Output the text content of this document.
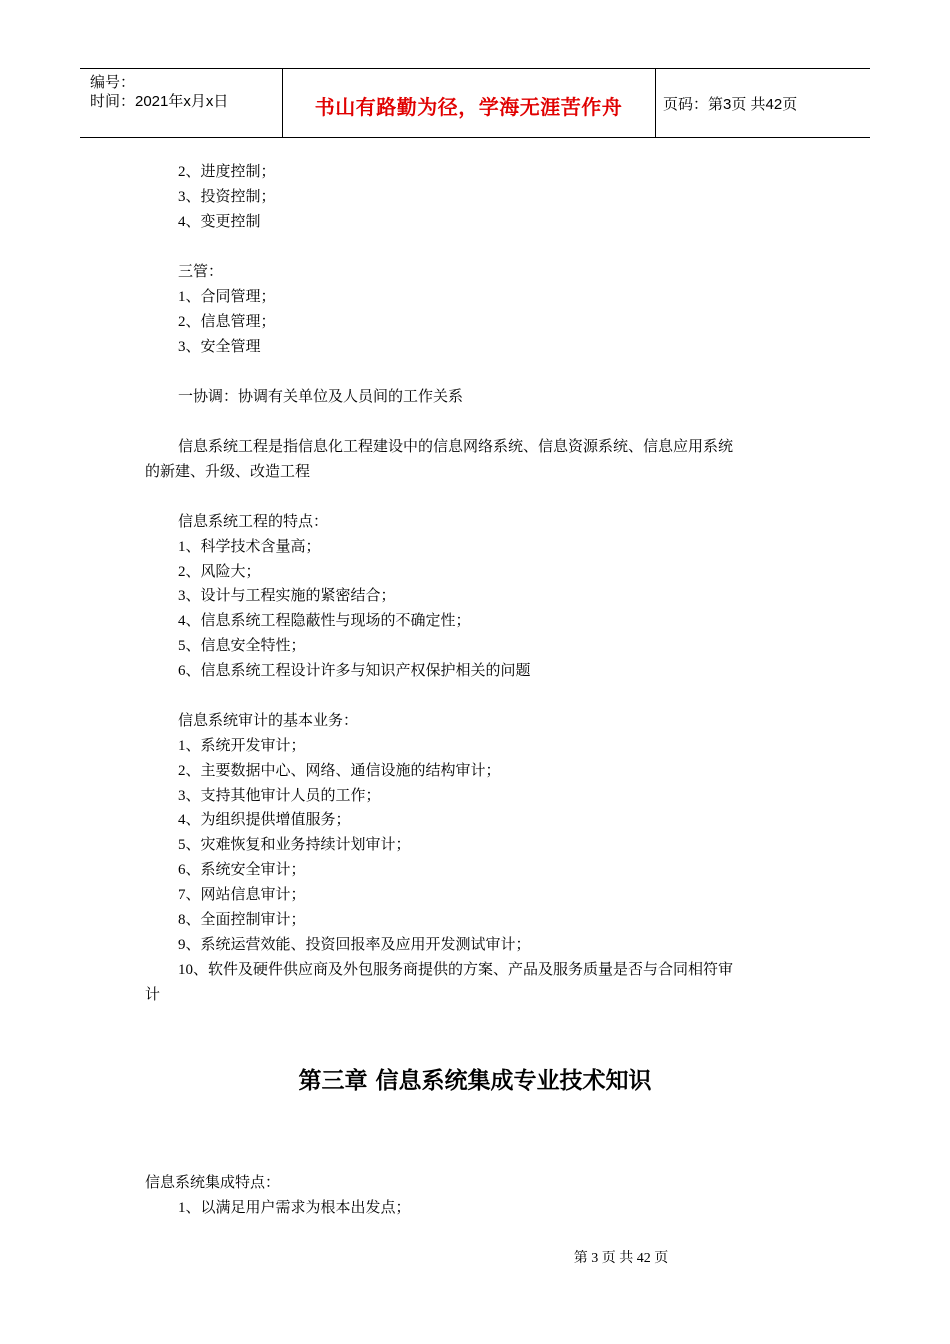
编号：
时间：2021年x月x日	书山有路勤为径，学海无涯苦作舟	页码：第3页 共42页
2、进度控制；
3、投资控制；
4、变更控制
三管：
1、合同管理；
2、信息管理；
3、安全管理
一协调：协调有关单位及人员间的工作关系
信息系统工程是指信息化工程建设中的信息网络系统、信息资源系统、信息应用系统
的新建、升级、改造工程
信息系统工程的特点：
1、科学技术含量高；
2、风险大；
3、设计与工程实施的紧密结合；
4、信息系统工程隐蔽性与现场的不确定性；
5、信息安全特性；
6、信息系统工程设计许多与知识产权保护相关的问题
信息系统审计的基本业务：
1、系统开发审计；
2、主要数据中心、网络、通信设施的结构审计；
3、支持其他审计人员的工作；
4、为组织提供增值服务；
5、灾难恢复和业务持续计划审计；
6、系统安全审计；
7、网站信息审计；
8、全面控制审计；
9、系统运营效能、投资回报率及应用开发测试审计；
10、软件及硬件供应商及外包服务商提供的方案、产品及服务质量是否与合同相符审
计
信息系统集成特点：
1、以满足用户需求为根本出发点；
第三章 信息系统集成专业技术知识
第 3 页 共 42 页
